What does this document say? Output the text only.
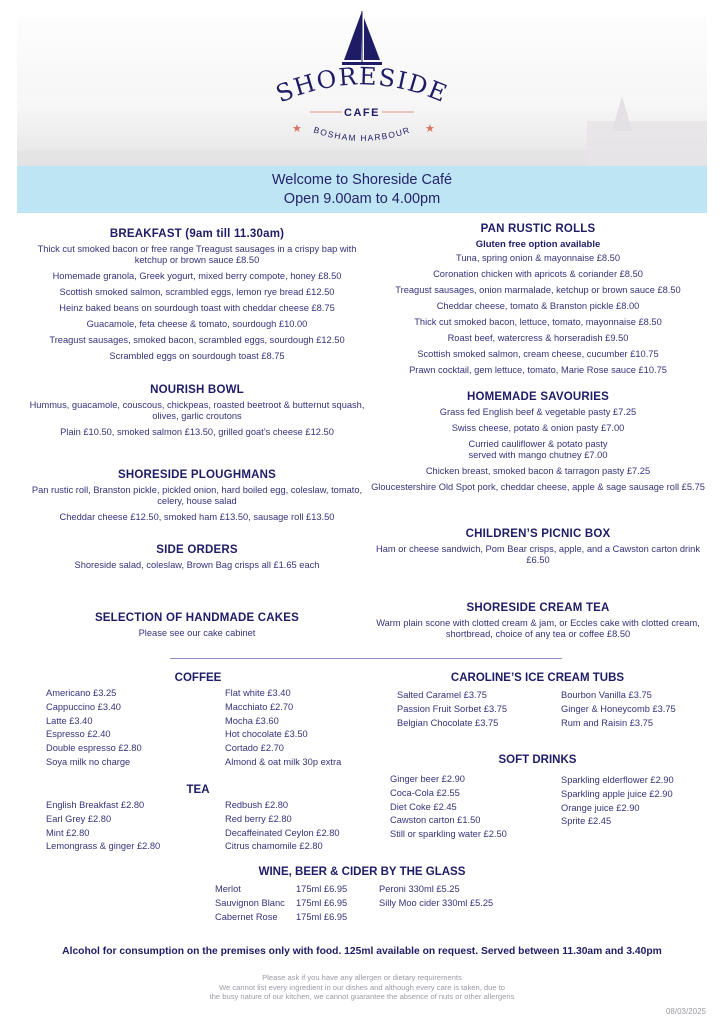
SHORESIDE
CAFE
★	★
BOSHAM HARBOUR
Welcome to Shoreside Café
Open 9.00am to 4.00pm
BREAKFAST (9am till 11.30am)
Thick cut smoked bacon or free range Treagust sausages in a crispy bap with ketchup or brown sauce £8.50
Homemade granola, Greek yogurt, mixed berry compote, honey £8.50
Scottish smoked salmon, scrambled eggs, lemon rye bread £12.50
Heinz baked beans on sourdough toast with cheddar cheese £8.75
Guacamole, feta cheese & tomato, sourdough £10.00
Treagust sausages, smoked bacon, scrambled eggs, sourdough £12.50
Scrambled eggs on sourdough toast £8.75
NOURISH BOWL
Hummus, guacamole, couscous, chickpeas, roasted beetroot & butternut squash, olives, garlic croutons
Plain £10.50, smoked salmon £13.50, grilled goat’s cheese £12.50
SHORESIDE PLOUGHMANS
Pan rustic roll, Branston pickle, pickled onion, hard boiled egg, coleslaw, tomato, celery, house salad
Cheddar cheese £12.50, smoked ham £13.50, sausage roll £13.50
SIDE ORDERS
Shoreside salad, coleslaw, Brown Bag crisps all £1.65 each
SELECTION OF HANDMADE CAKES
Please see our cake cabinet
PAN RUSTIC ROLLS
Gluten free option available
Tuna, spring onion & mayonnaise £8.50
Coronation chicken with apricots & coriander £8.50
Treagust sausages, onion marmalade, ketchup or brown sauce £8.50
Cheddar cheese, tomato & Branston pickle £8.00
Thick cut smoked bacon, lettuce, tomato, mayonnaise £8.50
Roast beef, watercress & horseradish £9.50
Scottish smoked salmon, cream cheese, cucumber £10.75
Prawn cocktail, gem lettuce, tomato, Marie Rose sauce £10.75
HOMEMADE SAVOURIES
Grass fed English beef & vegetable pasty £7.25
Swiss cheese, potato & onion pasty £7.00
Curried cauliflower & potato pasty
served with mango chutney £7.00
Chicken breast, smoked bacon & tarragon pasty £7.25
Gloucestershire Old Spot pork, cheddar cheese, apple & sage sausage roll £5.75
CHILDREN’S PICNIC BOX
Ham or cheese sandwich, Pom Bear crisps, apple, and a Cawston carton drink £6.50
SHORESIDE CREAM TEA
Warm plain scone with clotted cream & jam, or Eccles cake with clotted cream, shortbread, choice of any tea or coffee £8.50
COFFEE
Americano £3.25
Cappuccino £3.40
Latte £3.40
Espresso £2.40
Double espresso £2.80
Soya milk no charge
Flat white £3.40
Macchiato £2.70
Mocha £3.60
Hot chocolate £3.50
Cortado £2.70
Almond & oat milk 30p extra
TEA
English Breakfast £2.80
Earl Grey £2.80
Mint £2.80
Lemongrass & ginger £2.80
Redbush £2.80
Red berry £2.80
Decaffeinated Ceylon £2.80
Citrus chamomile £2.80
CAROLINE’S ICE CREAM TUBS
Salted Caramel £3.75
Passion Fruit Sorbet £3.75
Belgian Chocolate £3.75
Bourbon Vanilla £3.75
Ginger & Honeycomb £3.75
Rum and Raisin £3.75
SOFT DRINKS
Ginger beer £2.90
Coca-Cola £2.55
Diet Coke £2.45
Cawston carton £1.50
Still or sparkling water £2.50
Sparkling elderflower £2.90
Sparkling apple juice £2.90
Orange juice £2.90
Sprite £2.45
WINE, BEER & CIDER BY THE GLASS
Merlot
Sauvignon Blanc
Cabernet Rose
175ml £6.95
175ml £6.95
175ml £6.95
Peroni 330ml £5.25
Silly Moo cider 330ml £5.25
Alcohol for consumption on the premises only with food. 125ml available on request. Served between 11.30am and 3.40pm
Please ask if you have any allergen or dietary requirements
We cannot list every ingredient in our dishes and although every care is taken, due to
the busy nature of our kitchen, we cannot guarantee the absence of nuts or other allergens
08/03/2025
